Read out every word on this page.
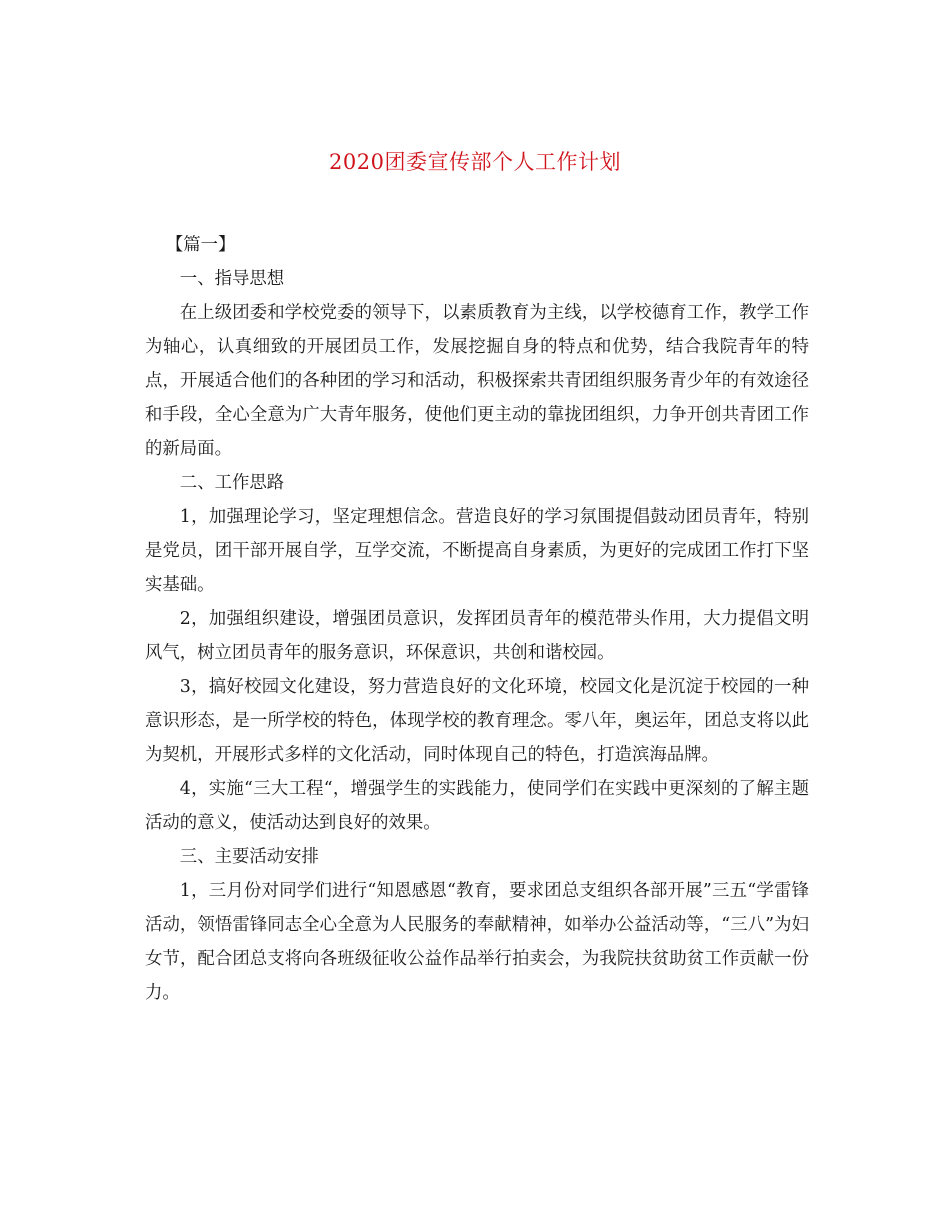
2020团委宣传部个人工作计划

【篇一】

一、指导思想

在上级团委和学校党委的领导下，以素质教育为主线，以学校德育工作，教学工作为轴心，认真细致的开展团员工作，发展挖掘自身的特点和优势，结合我院青年的特点，开展适合他们的各种团的学习和活动，积极探索共青团组织服务青少年的有效途径和手段，全心全意为广大青年服务，使他们更主动的靠拢团组织，力争开创共青团工作的新局面。

二、工作思路

1，加强理论学习，坚定理想信念。营造良好的学习氛围提倡鼓动团员青年，特别是党员，团干部开展自学，互学交流，不断提高自身素质，为更好的完成团工作打下坚实基础。

2，加强组织建设，增强团员意识，发挥团员青年的模范带头作用，大力提倡文明风气，树立团员青年的服务意识，环保意识，共创和谐校园。

3，搞好校园文化建设，努力营造良好的文化环境，校园文化是沉淀于校园的一种意识形态，是一所学校的特色，体现学校的教育理念。零八年，奥运年，团总支将以此为契机，开展形式多样的文化活动，同时体现自己的特色，打造滨海品牌。

4，实施“三大工程“，增强学生的实践能力，使同学们在实践中更深刻的了解主题活动的意义，使活动达到良好的效果。

三、主要活动安排

1，三月份对同学们进行“知恩感恩“教育，要求团总支组织各部开展”三五“学雷锋活动，领悟雷锋同志全心全意为人民服务的奉献精神，如举办公益活动等，“三八”为妇女节，配合团总支将向各班级征收公益作品举行拍卖会，为我院扶贫助贫工作贡献一份力。
